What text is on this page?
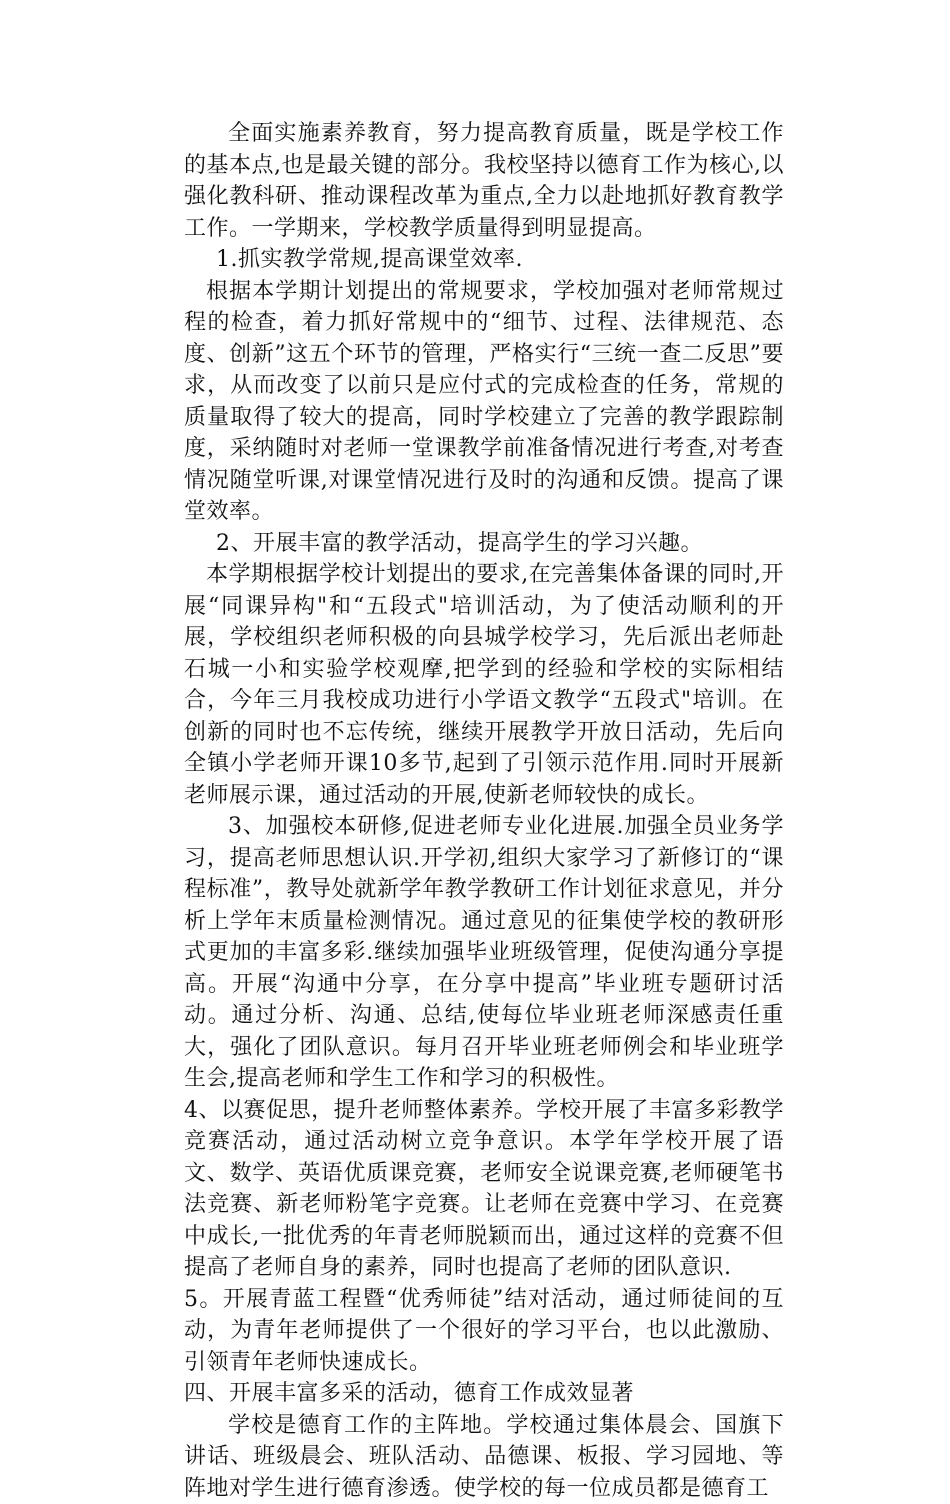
全面实施素养教育，努力提高教育质量，既是学校工作的基本点,也是最关键的部分。我校坚持以德育工作为核心,以强化教科研、推动课程改革为重点,全力以赴地抓好教育教学工作。一学期来，学校教学质量得到明显提高。

1.抓实教学常规,提高课堂效率.

根据本学期计划提出的常规要求，学校加强对老师常规过程的检查，着力抓好常规中的“细节、过程、法律规范、态度、创新”这五个环节的管理，严格实行“三统一查二反思”要求，从而改变了以前只是应付式的完成检查的任务，常规的质量取得了较大的提高，同时学校建立了完善的教学跟踪制度，采纳随时对老师一堂课教学前准备情况进行考查,对考查情况随堂听课,对课堂情况进行及时的沟通和反馈。提高了课堂效率。

2、开展丰富的教学活动，提高学生的学习兴趣。

本学期根据学校计划提出的要求,在完善集体备课的同时,开展“同课异构"和“五段式"培训活动，为了使活动顺利的开展，学校组织老师积极的向县城学校学习，先后派出老师赴石城一小和实验学校观摩,把学到的经验和学校的实际相结合，今年三月我校成功进行小学语文教学“五段式"培训。在创新的同时也不忘传统，继续开展教学开放日活动，先后向全镇小学老师开课10多节,起到了引领示范作用.同时开展新老师展示课，通过活动的开展,使新老师较快的成长。

3、加强校本研修,促进老师专业化进展.加强全员业务学习，提高老师思想认识.开学初,组织大家学习了新修订的“课程标准”，教导处就新学年教学教研工作计划征求意见，并分析上学年末质量检测情况。通过意见的征集使学校的教研形式更加的丰富多彩.继续加强毕业班级管理，促使沟通分享提高。开展“沟通中分享，在分享中提高”毕业班专题研讨活动。通过分析、沟通、总结,使每位毕业班老师深感责任重大，强化了团队意识。每月召开毕业班老师例会和毕业班学生会,提高老师和学生工作和学习的积极性。

4、以赛促思，提升老师整体素养。学校开展了丰富多彩教学竞赛活动，通过活动树立竞争意识。本学年学校开展了语文、数学、英语优质课竞赛，老师安全说课竞赛,老师硬笔书法竞赛、新老师粉笔字竞赛。让老师在竞赛中学习、在竞赛中成长,一批优秀的年青老师脱颖而出，通过这样的竞赛不但提高了老师自身的素养，同时也提高了老师的团队意识.

5。开展青蓝工程暨“优秀师徒”结对活动，通过师徒间的互动，为青年老师提供了一个很好的学习平台，也以此激励、引领青年老师快速成长。

四、开展丰富多采的活动，德育工作成效显著

学校是德育工作的主阵地。学校通过集体晨会、国旗下讲话、班级晨会、班队活动、品德课、板报、学习园地、等阵地对学生进行德育渗透。使学校的每一位成员都是德育工
